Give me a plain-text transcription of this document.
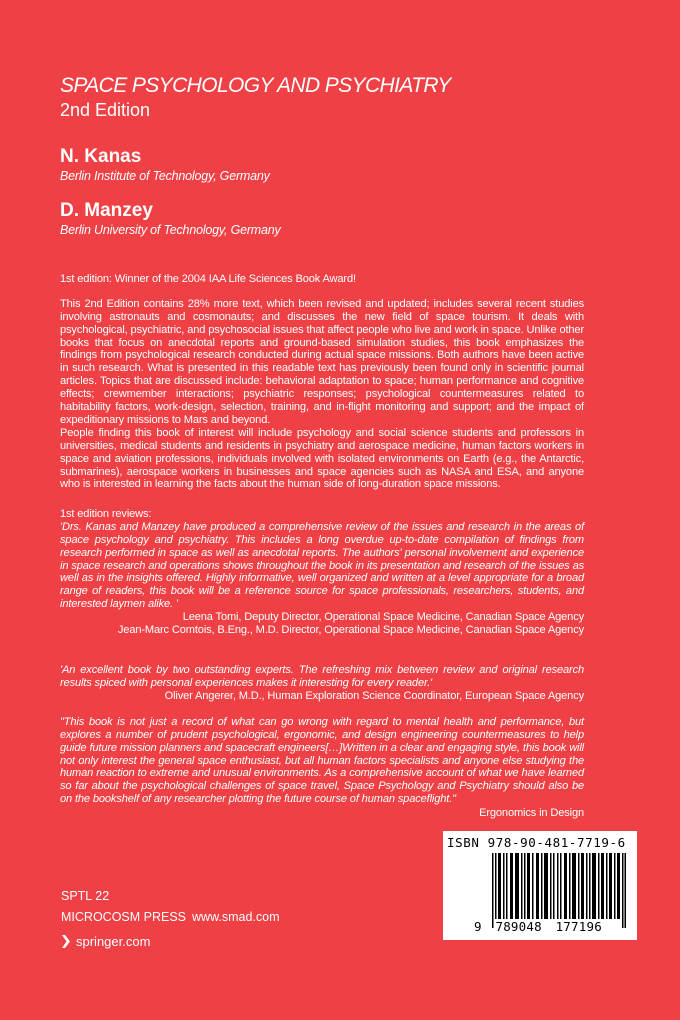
SPACE PSYCHOLOGY AND PSYCHIATRY
2nd Edition
N. Kanas
Berlin Institute of Technology, Germany
D. Manzey
Berlin University of Technology, Germany
1st edition: Winner of the 2004 IAA Life Sciences Book Award!
This 2nd Edition contains 28% more text, which been revised and updated; includes several recent studies involving astronauts and cosmonauts; and discusses the new field of space tourism. It deals with psychological, psychiatric, and psychosocial issues that affect people who live and work in space. Unlike other books that focus on anecdotal reports and ground-based simulation studies, this book emphasizes the findings from psychological research conducted during actual space missions. Both authors have been active in such research. What is presented in this readable text has previously been found only in scientific journal articles. Topics that are discussed include: behavioral adaptation to space; human performance and cognitive effects; crewmember interactions; psychiatric responses; psychological countermeasures related to habitability factors, work-design, selection, training, and in-flight monitoring and support; and the impact of expeditionary missions to Mars and beyond.
People finding this book of interest will include psychology and social science students and professors in universities, medical students and residents in psychiatry and aerospace medicine, human factors workers in space and aviation professions, individuals involved with isolated environments on Earth (e.g., the Antarctic, submarines), aerospace workers in businesses and space agencies such as NASA and ESA, and anyone who is interested in learning the facts about the human side of long-duration space missions.
1st edition reviews:
'Drs. Kanas and Manzey have produced a comprehensive review of the issues and research in the areas of space psychology and psychiatry. This includes a long overdue up-to-date compilation of findings from research performed in space as well as anecdotal reports. The authors' personal involvement and experience in space research and operations shows throughout the book in its presentation and research of the issues as well as in the insights offered. Highly informative, well organized and written at a level appropriate for a broad range of readers, this book will be a reference source for space professionals, researchers, students, and interested laymen alike. '
Leena Tomi, Deputy Director, Operational Space Medicine, Canadian Space Agency
Jean-Marc Comtois, B.Eng., M.D. Director, Operational Space Medicine, Canadian Space Agency
'An excellent book by two outstanding experts. The refreshing mix between review and original research results spiced with personal experiences makes it interesting for every reader.'
Oliver Angerer, M.D., Human Exploration Science Coordinator, European Space Agency
"This book is not just a record of what can go wrong with regard to mental health and performance, but explores a number of prudent psychological, ergonomic, and design engineering countermeasures to help guide future mission planners and spacecraft engineers[…]Written in a clear and engaging style, this book will not only interest the general space enthusiast, but all human factors specialists and anyone else studying the human reaction to extreme and unusual environments. As a comprehensive account of what we have learned so far about the psychological challenges of space travel, Space Psychology and Psychiatry should also be on the bookshelf of any researcher plotting the future course of human spaceflight."
Ergonomics in Design
ISBN 978-90-481-7719-6
9 789048 177196
SPTL 22
MICROCOSM PRESS www.smad.com
springer.com
